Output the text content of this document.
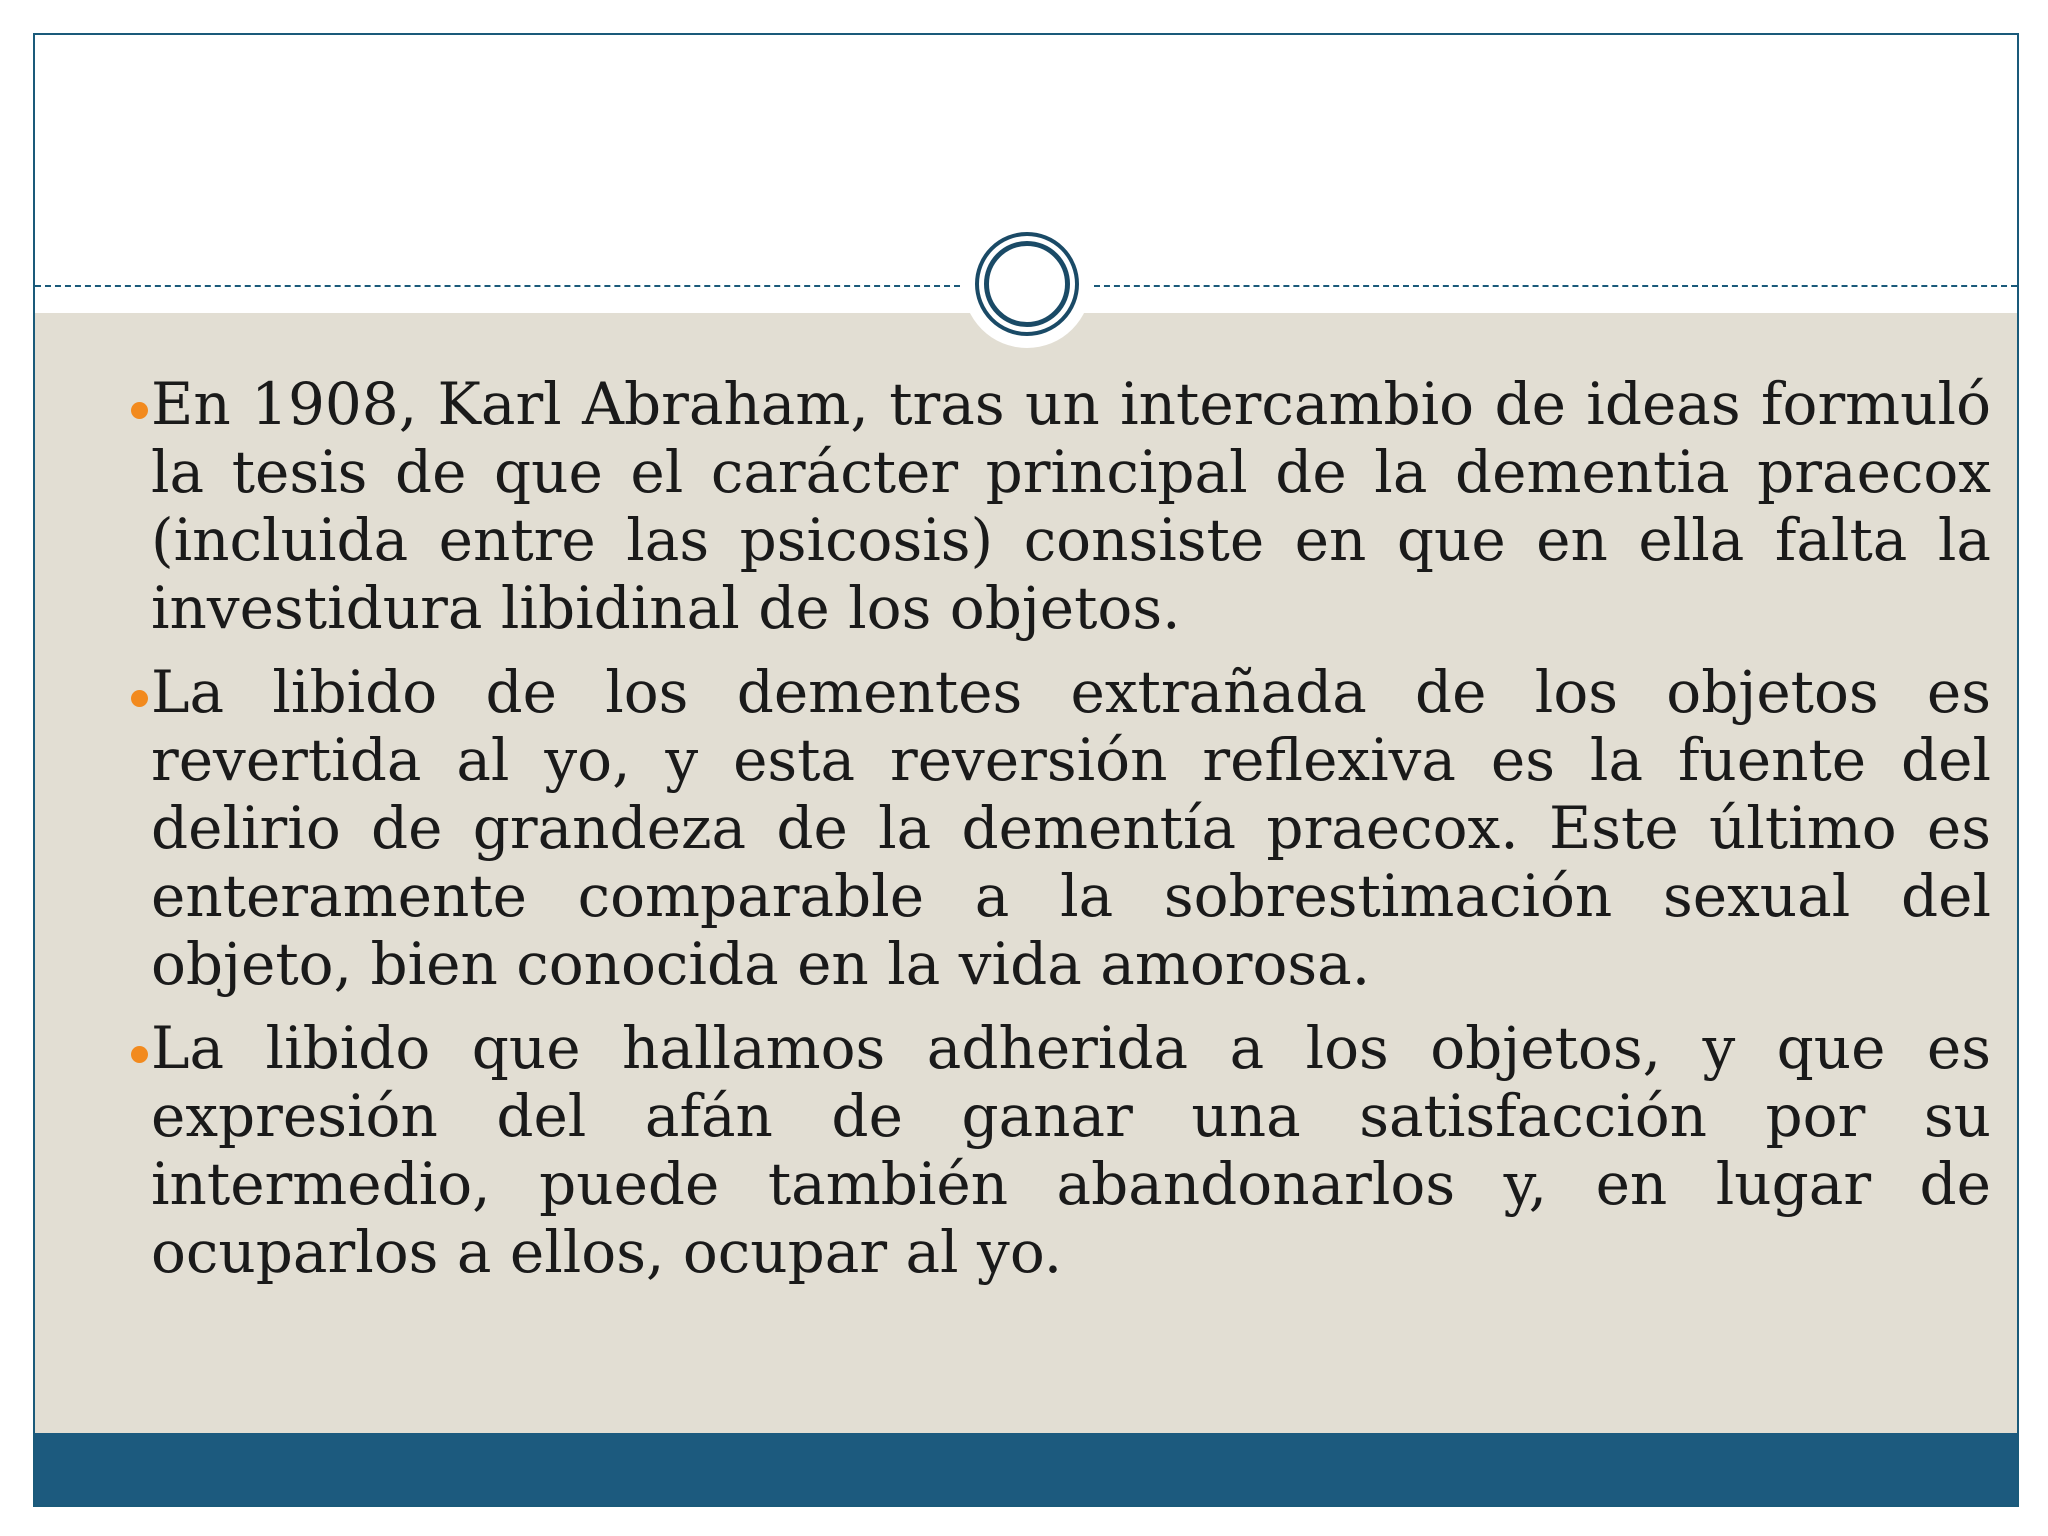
En 1908, Karl Abraham, tras un intercambio de ideas formuló la tesis de que el carácter principal de la dementia praecox (incluida entre las psicosis) consiste en que en ella falta la investidura libidinal de los objetos.

La libido de los dementes extrañada de los objetos es revertida al yo, y esta reversión reflexiva es la fuente del delirio de grandeza de la dementía praecox. Este último es enteramente comparable a la sobrestimación sexual del objeto, bien conocida en la vida amorosa.

La libido que hallamos adherida a los objetos, y que es expresión del afán de ganar una satisfacción por su intermedio, puede también abandonarlos y, en lugar de ocuparlos a ellos, ocupar al yo.
